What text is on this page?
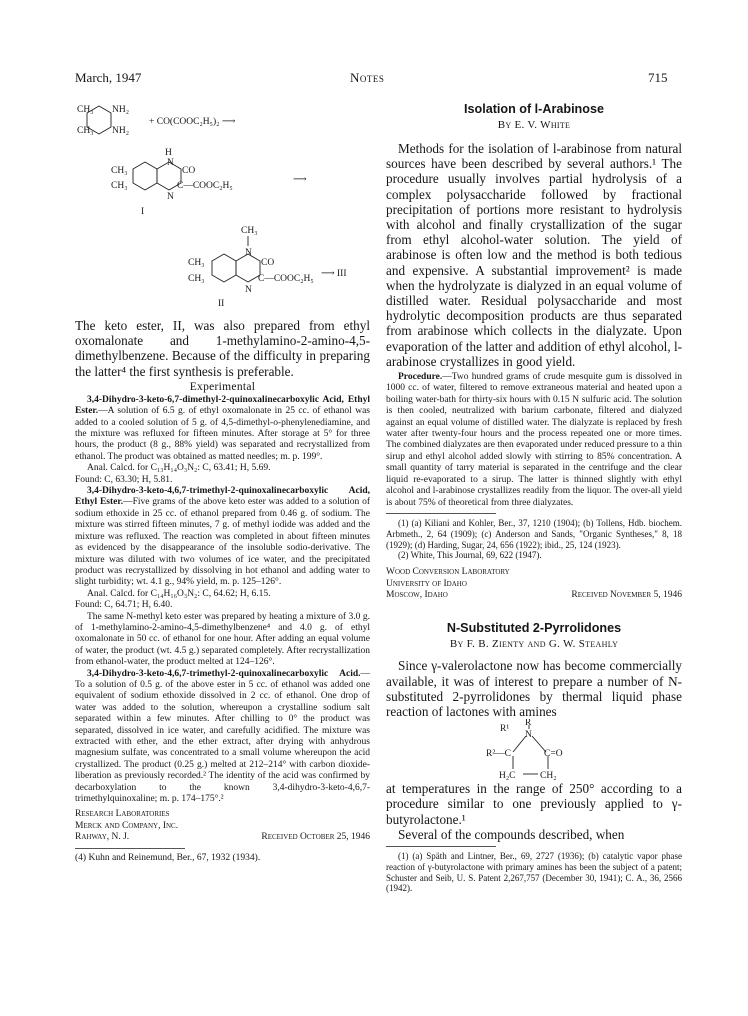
March, 1947	Notes	715
CH₃
CH₃
NH₂
NH₂
+ CO(COOC₂H₅)₂ ⟶
H
N
CO
C—COOC₂H₅
N
CH₃
CH₃
I
⟶
CH₃
N
CO
C—COOC₂H₅
N
CH₃
CH₃
II
⟶ III

The keto ester, II, was also prepared from ethyl oxomalonate and 1-methylamino-2-amino-4,5-dimethylbenzene. Because of the difficulty in preparing the latter⁴ the first synthesis is preferable.

Experimental

3,4-Dihydro-3-keto-6,7-dimethyl-2-quinoxalinecarboxylic Acid, Ethyl Ester.—A solution of 6.5 g. of ethyl oxomalonate in 25 cc. of ethanol was added to a cooled solution of 5 g. of 4,5-dimethyl-o-phenylenediamine, and the mixture was refluxed for fifteen minutes. After storage at 5° for three hours, the product (8 g., 88% yield) was separated and recrystallized from ethanol. The product was obtained as matted needles; m. p. 199°.

Anal. Calcd. for C₁₃H₁₄O₃N₂: C, 63.41; H, 5.69.

Found: C, 63.30; H, 5.81.

3,4-Dihydro-3-keto-4,6,7-trimethyl-2-quinoxalinecarboxylic Acid, Ethyl Ester.—Five grams of the above keto ester was added to a solution of sodium ethoxide in 25 cc. of ethanol prepared from 0.46 g. of sodium. The mixture was stirred fifteen minutes, 7 g. of methyl iodide was added and the mixture was refluxed. The reaction was completed in about fifteen minutes as evidenced by the disappearance of the insoluble sodio-derivative. The mixture was diluted with two volumes of ice water, and the precipitated product was recrystallized by dissolving in hot ethanol and adding water to slight turbidity; wt. 4.1 g., 94% yield, m. p. 125–126°.

Anal. Calcd. for C₁₄H₁₆O₃N₂: C, 64.62; H, 6.15.

Found: C, 64.71; H, 6.40.

The same N-methyl keto ester was prepared by heating a mixture of 3.0 g. of 1-methylamino-2-amino-4,5-dimethylbenzene⁴ and 4.0 g. of ethyl oxomalonate in 50 cc. of ethanol for one hour. After adding an equal volume of water, the product (wt. 4.5 g.) separated completely. After recrystallization from ethanol-water, the product melted at 124–126°.

3,4-Dihydro-3-keto-4,6,7-trimethyl-2-quinoxalinecarboxylic Acid.—To a solution of 0.5 g. of the above ester in 5 cc. of ethanol was added one equivalent of sodium ethoxide dissolved in 2 cc. of ethanol. One drop of water was added to the solution, whereupon a crystalline sodium salt separated within a few minutes. After chilling to 0° the product was separated, dissolved in ice water, and carefully acidified. The mixture was extracted with ether, and the ether extract, after drying with anhydrous magnesium sulfate, was concentrated to a small volume whereupon the acid crystallized. The product (0.25 g.) melted at 212–214° with carbon dioxide-liberation as previously recorded.² The identity of the acid was confirmed by decarboxylation to the known 3,4-dihydro-3-keto-4,6,7-trimethylquinoxaline; m. p. 174–175°.²

Research Laboratories
Merck and Company, Inc.
Rahway, N. J.	Received October 25, 1946

(4) Kuhn and Reinemund, Ber., 67, 1932 (1934).

Isolation of l-Arabinose
By E. V. White

Methods for the isolation of l-arabinose from natural sources have been described by several authors.¹ The procedure usually involves partial hydrolysis of a complex polysaccharide followed by fractional precipitation of portions more resistant to hydrolysis with alcohol and finally crystallization of the sugar from ethyl alcohol-water solution. The yield of arabinose is often low and the method is both tedious and expensive. A substantial improvement² is made when the hydrolyzate is dialyzed in an equal volume of distilled water. Residual polysaccharide and most hydrolytic decomposition products are thus separated from arabinose which collects in the dialyzate. Upon evaporation of the latter and addition of ethyl alcohol, l-arabinose crystallizes in good yield.

Procedure.—Two hundred grams of crude mesquite gum is dissolved in 1000 cc. of water, filtered to remove extraneous material and heated upon a boiling water-bath for thirty-six hours with 0.15 N sulfuric acid. The solution is then cooled, neutralized with barium carbonate, filtered and dialyzed against an equal volume of distilled water. The dialyzate is replaced by fresh water after twenty-four hours and the process repeated one or more times. The combined dialyzates are then evaporated under reduced pressure to a thin sirup and ethyl alcohol added slowly with stirring to 85% concentration. A small quantity of tarry material is separated in the centrifuge and the clear liquid re-evaporated to a sirup. The latter is thinned slightly with ethyl alcohol and l-arabinose crystallizes readily from the liquor. The over-all yield is about 75% of theoretical from three dialyzates.

(1) (a) Kiliani and Kohler, Ber., 37, 1210 (1904); (b) Tollens, Hdb. biochem. Arbmeth., 2, 64 (1909); (c) Anderson and Sands, "Organic Syntheses," 8, 18 (1929); (d) Harding, Sugar, 24, 656 (1922); ibid., 25, 124 (1923).

(2) White, This Journal, 69, 622 (1947).

Wood Conversion Laboratory
University of Idaho
Moscow, Idaho	Received November 5, 1946
N-Substituted 2-Pyrrolidones
By F. B. Zienty and G. W. Steahly

Since γ-valerolactone now has become commercially available, it was of interest to prepare a number of N-substituted 2-pyrrolidones by thermal liquid phase reaction of lactones with amines

R¹
R
N
R²—C	C=O
H₂C	CH₂

at temperatures in the range of 250° according to a procedure similar to one previously applied to γ-butyrolactone.¹

Several of the compounds described, when

(1) (a) Späth and Lintner, Ber., 69, 2727 (1936); (b) catalytic vapor phase reaction of γ-butyrolactone with primary amines has been the subject of a patent; Schuster and Seib, U. S. Patent 2,267,757 (December 30, 1941); C. A., 36, 2566 (1942).
